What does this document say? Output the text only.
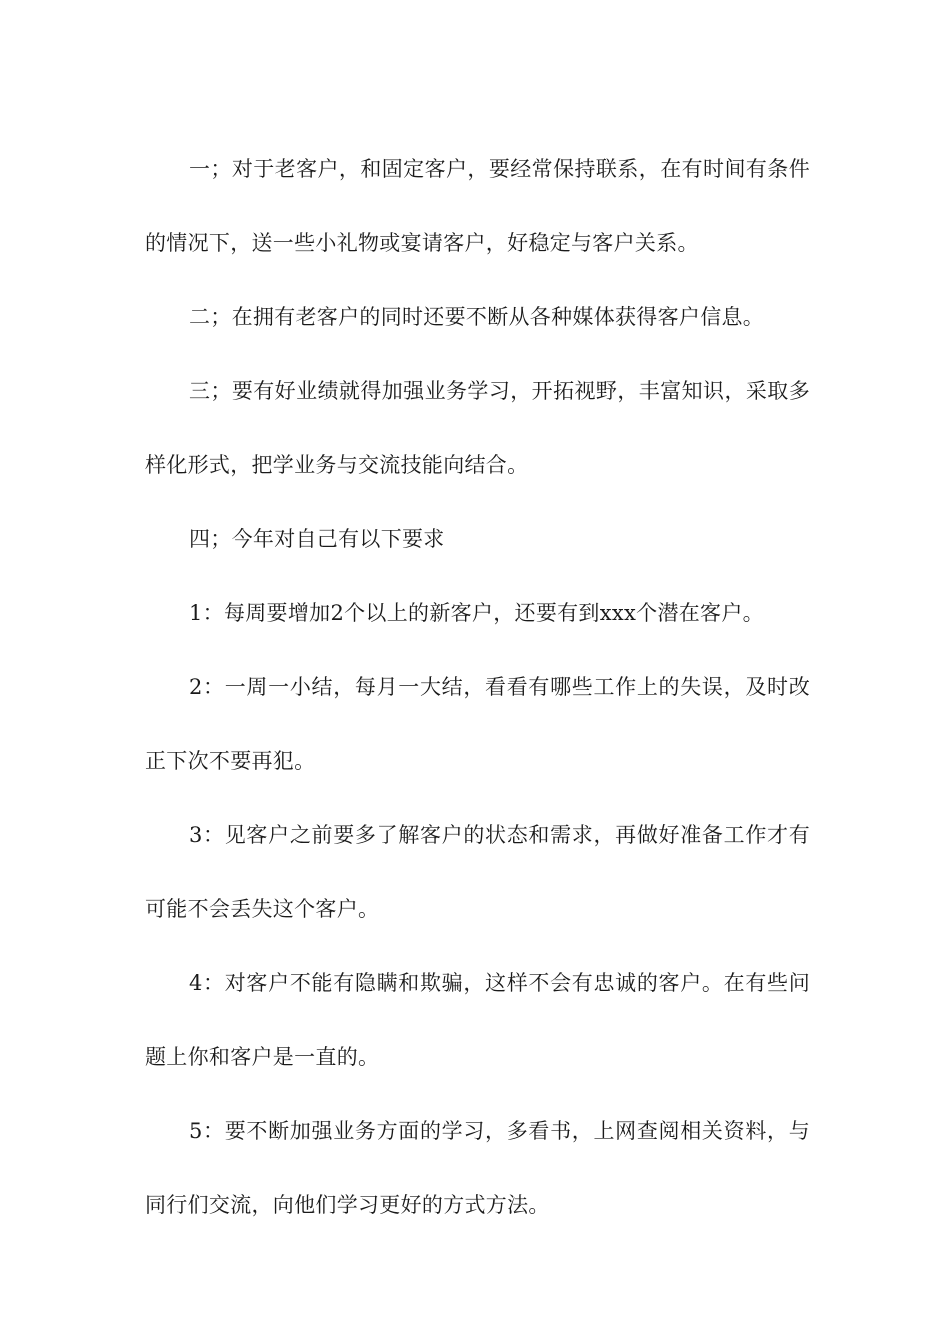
一；对于老客户，和固定客户，要经常保持联系，在有时间有条件的情况下，送一些小礼物或宴请客户，好稳定与客户关系。

二；在拥有老客户的同时还要不断从各种媒体获得客户信息。

三；要有好业绩就得加强业务学习，开拓视野，丰富知识，采取多样化形式，把学业务与交流技能向结合。

四；今年对自己有以下要求

1：每周要增加2个以上的新客户，还要有到xxx个潜在客户。

2：一周一小结，每月一大结，看看有哪些工作上的失误，及时改正下次不要再犯。

3：见客户之前要多了解客户的状态和需求，再做好准备工作才有可能不会丢失这个客户。

4：对客户不能有隐瞒和欺骗，这样不会有忠诚的客户。在有些问题上你和客户是一直的。

5：要不断加强业务方面的学习，多看书，上网查阅相关资料，与同行们交流，向他们学习更好的方式方法。
